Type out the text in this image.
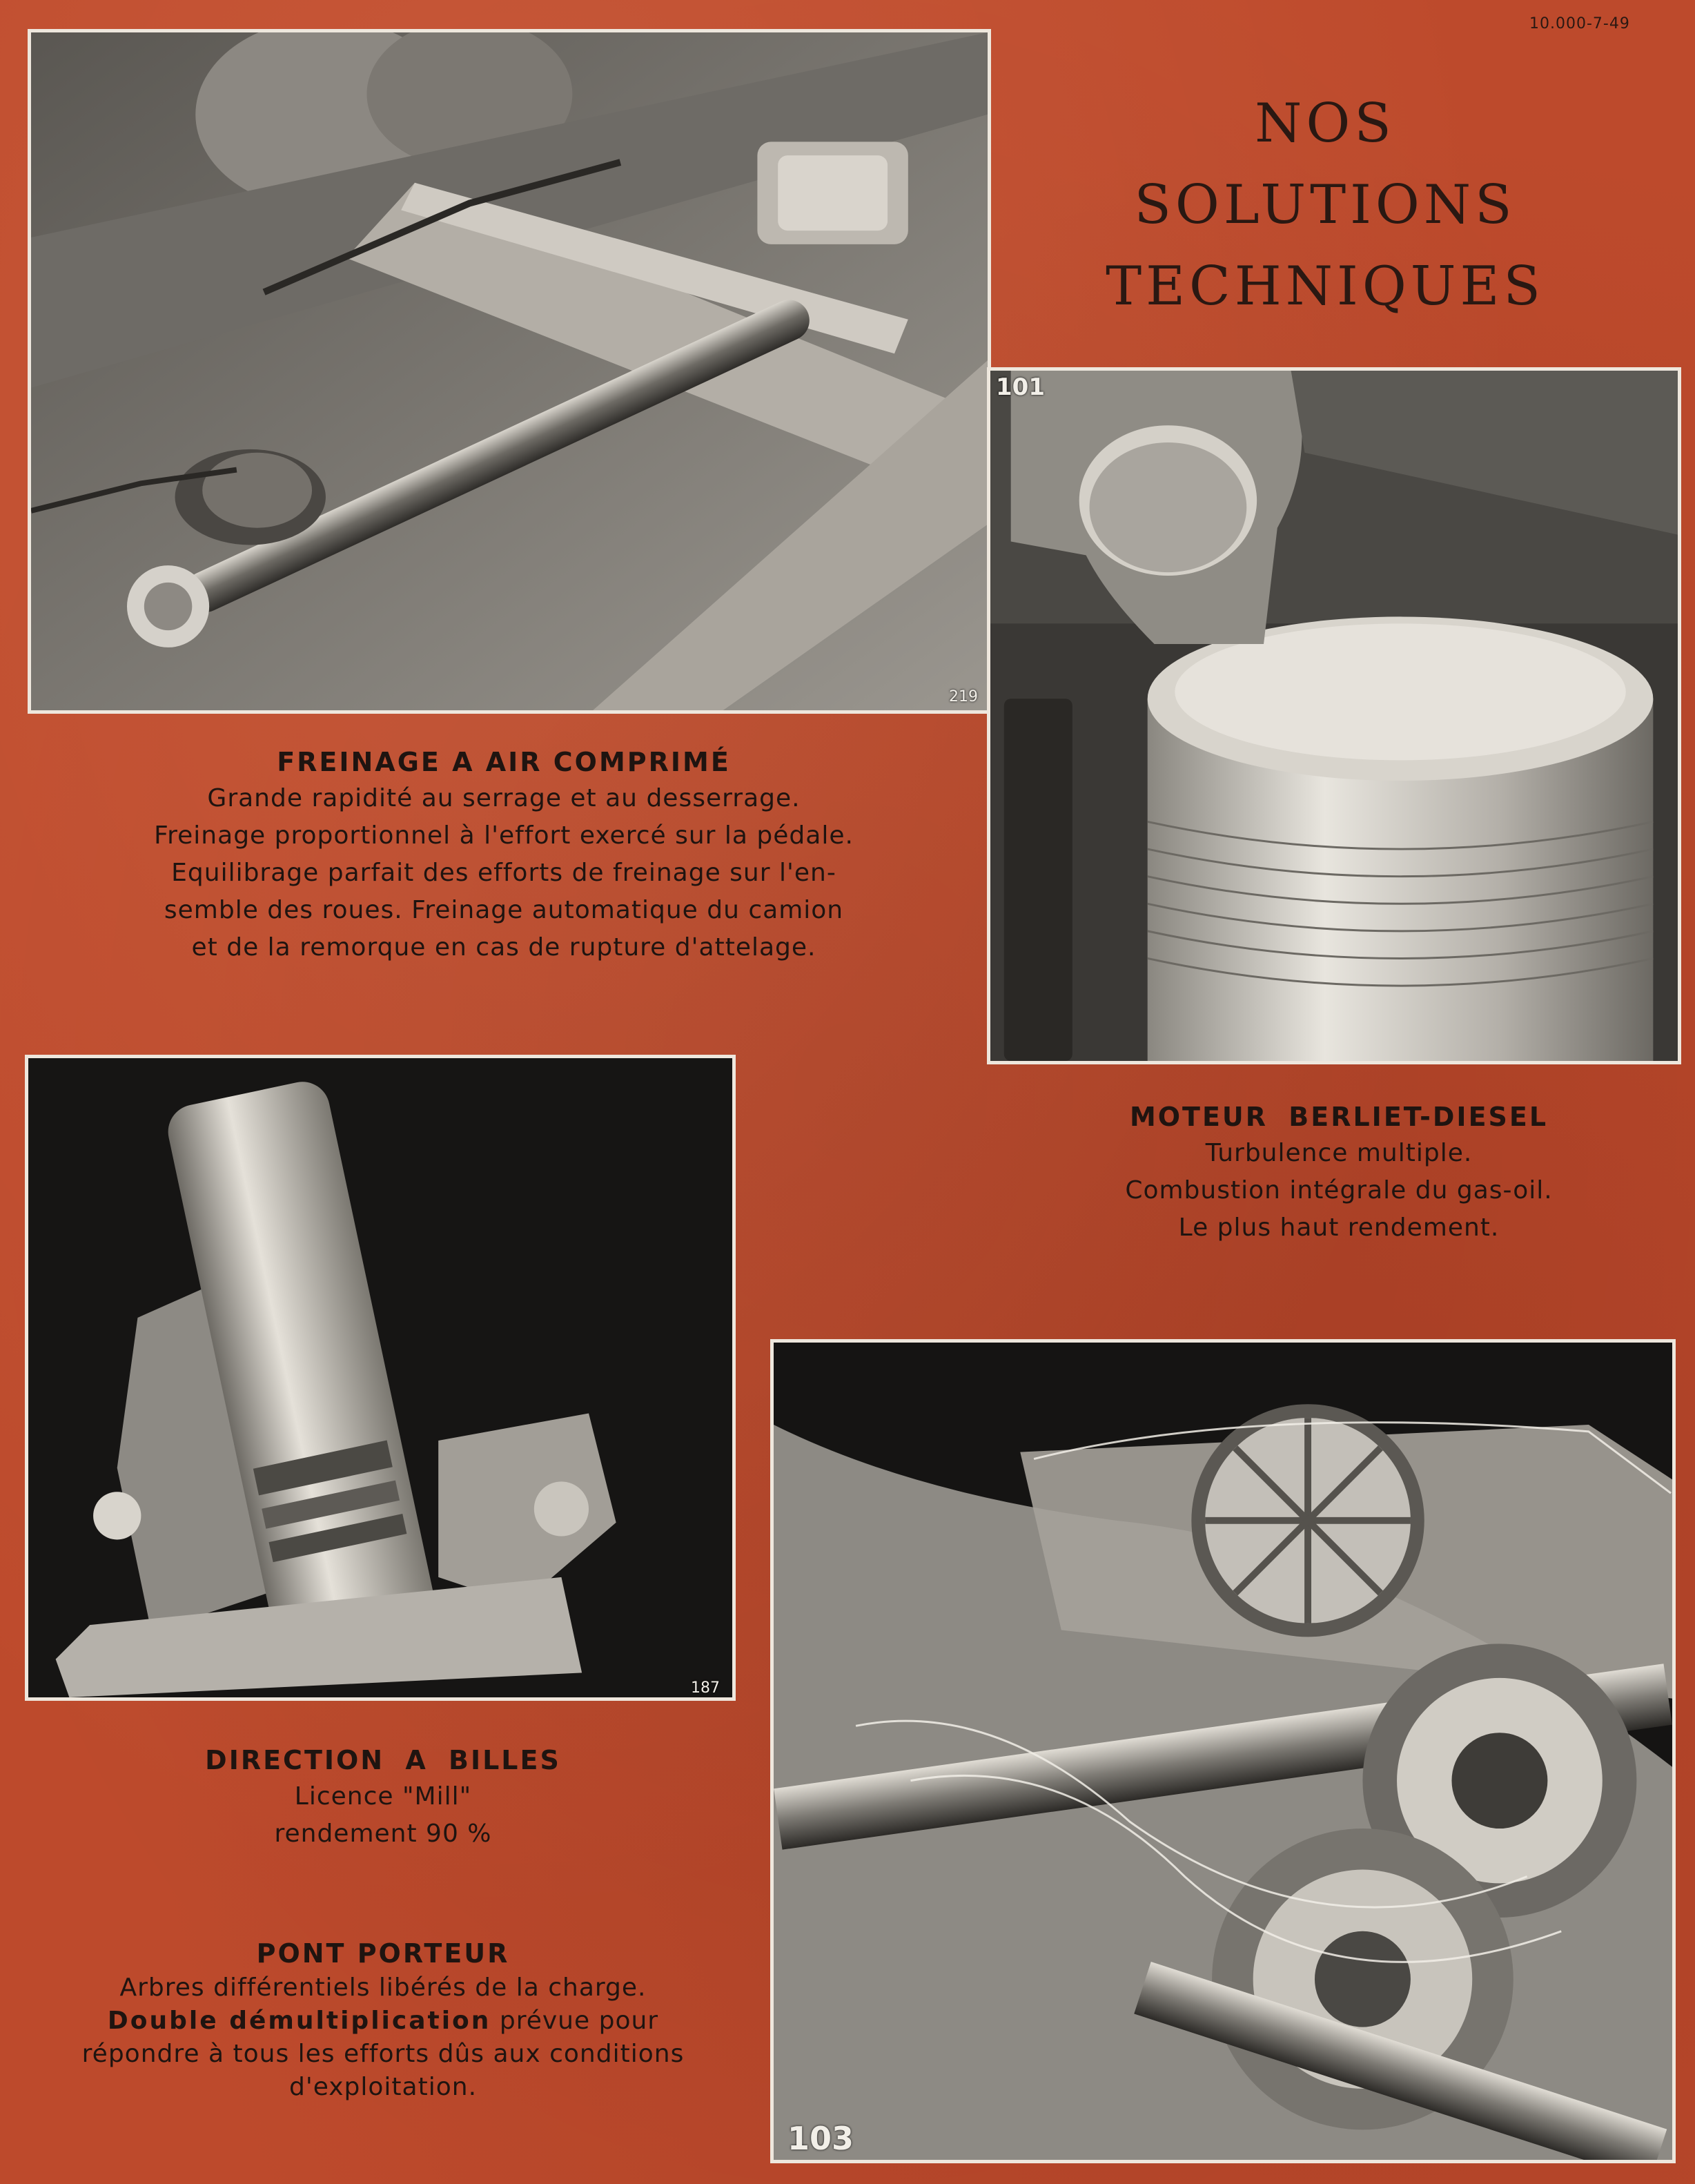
10.000-7-49
NOS
SOLUTIONS
TECHNIQUES
219
101
FREINAGE A AIR COMPRIMÉ
Grande rapidité au serrage et au desserrage.
Freinage proportionnel à l'effort exercé sur la pédale.
Equilibrage parfait des efforts de freinage sur l'en-
semble des roues. Freinage automatique du camion
et de la remorque en cas de rupture d'attelage.
187
MOTEUR BERLIET-DIESEL
Turbulence multiple.
Combustion intégrale du gas-oil.
Le plus haut rendement.
103
DIRECTION A BILLES
Licence "Mill"
rendement 90 %
PONT PORTEUR
Arbres différentiels libérés de la charge.
Double démultiplication prévue pour
répondre à tous les efforts dûs aux conditions
d'exploitation.
